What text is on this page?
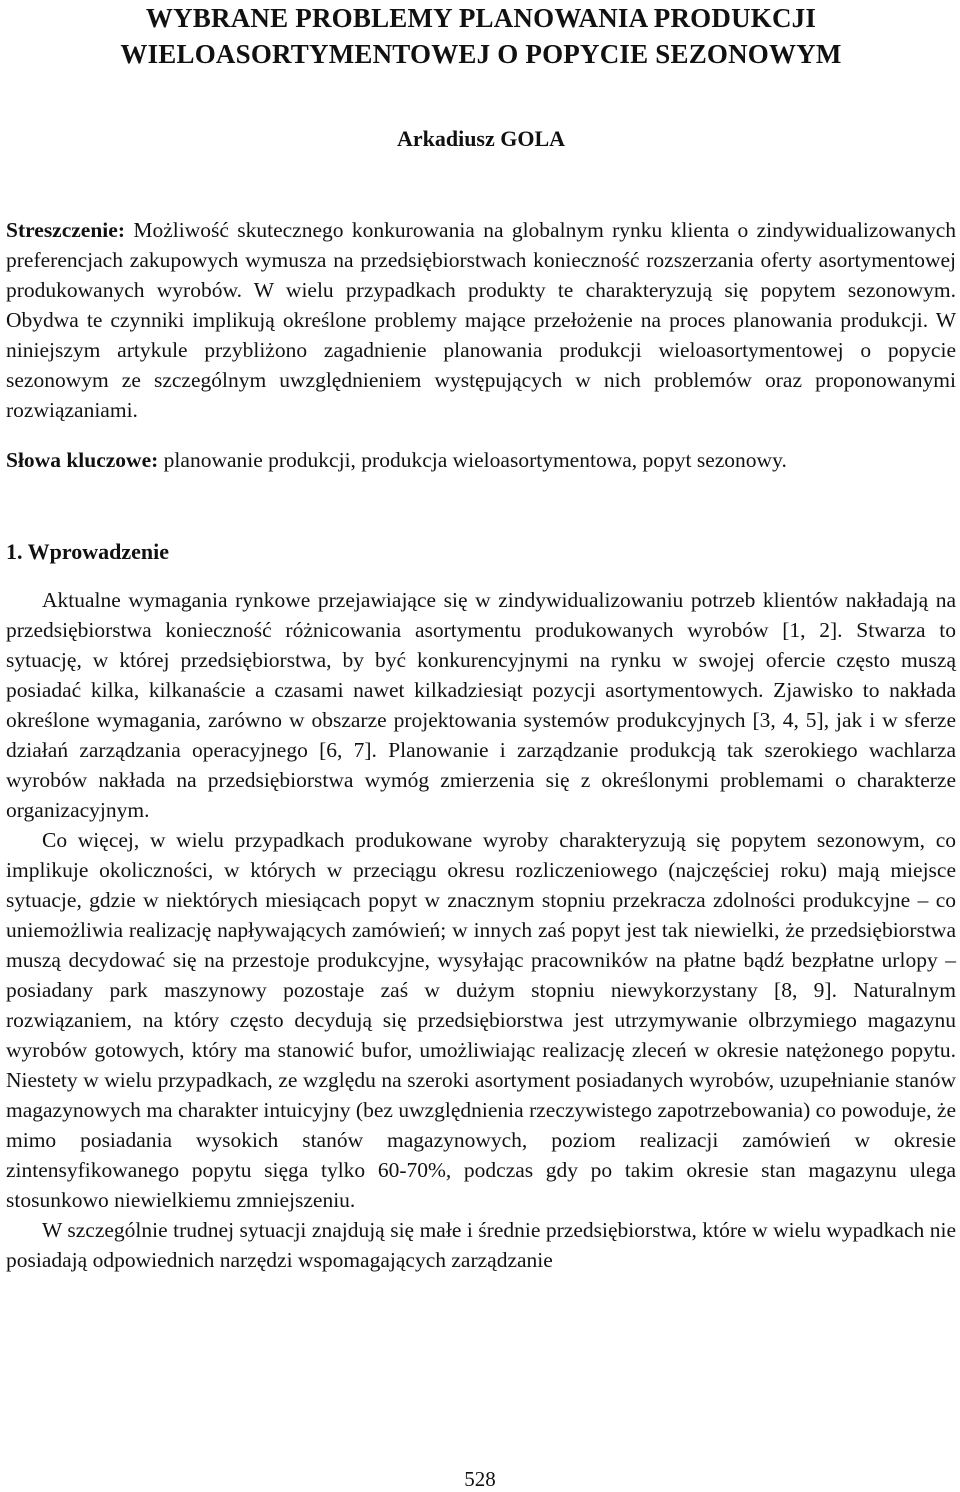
WYBRANE PROBLEMY PLANOWANIA PRODUKCJI
WIELOASORTYMENTOWEJ O POPYCIE SEZONOWYM
Arkadiusz GOLA

Streszczenie: Możliwość skutecznego konkurowania na globalnym rynku klienta o zindywidualizowanych preferencjach zakupowych wymusza na przedsiębiorstwach konieczność rozszerzania oferty asortymentowej produkowanych wyrobów. W wielu przypadkach produkty te charakteryzują się popytem sezonowym. Obydwa te czynniki implikują określone problemy mające przełożenie na proces planowania produkcji. W niniejszym artykule przybliżono zagadnienie planowania produkcji wieloasortymentowej o popycie sezonowym ze szczególnym uwzględnieniem występujących w nich problemów oraz proponowanymi rozwiązaniami.

Słowa kluczowe: planowanie produkcji, produkcja wieloasortymentowa, popyt sezonowy.

1. Wprowadzenie

Aktualne wymagania rynkowe przejawiające się w zindywidualizowaniu potrzeb klientów nakładają na przedsiębiorstwa konieczność różnicowania asortymentu produkowanych wyrobów [1, 2]. Stwarza to sytuację, w której przedsiębiorstwa, by być konkurencyjnymi na rynku w swojej ofercie często muszą posiadać kilka, kilkanaście a czasami nawet kilkadziesiąt pozycji asortymentowych. Zjawisko to nakłada określone wymagania, zarówno w obszarze projektowania systemów produkcyjnych [3, 4, 5], jak i w sferze działań zarządzania operacyjnego [6, 7]. Planowanie i zarządzanie produkcją tak szerokiego wachlarza wyrobów nakłada na przedsiębiorstwa wymóg zmierzenia się z określonymi problemami o charakterze organizacyjnym.

Co więcej, w wielu przypadkach produkowane wyroby charakteryzują się popytem sezonowym, co implikuje okoliczności, w których w przeciągu okresu rozliczeniowego (najczęściej roku) mają miejsce sytuacje, gdzie w niektórych miesiącach popyt w znacznym stopniu przekracza zdolności produkcyjne – co uniemożliwia realizację napływających zamówień; w innych zaś popyt jest tak niewielki, że przedsiębiorstwa muszą decydować się na przestoje produkcyjne, wysyłając pracowników na płatne bądź bezpłatne urlopy – posiadany park maszynowy pozostaje zaś w dużym stopniu niewykorzystany [8, 9]. Naturalnym rozwiązaniem, na który często decydują się przedsiębiorstwa jest utrzymywanie olbrzymiego magazynu wyrobów gotowych, który ma stanowić bufor, umożliwiając realizację zleceń w okresie natężonego popytu. Niestety w wielu przypadkach, ze względu na szeroki asortyment posiadanych wyrobów, uzupełnianie stanów magazynowych ma charakter intuicyjny (bez uwzględnienia rzeczywistego zapotrzebowania) co powoduje, że mimo posiadania wysokich stanów magazynowych, poziom realizacji zamówień w okresie zintensyfikowanego popytu sięga tylko 60-70%, podczas gdy po takim okresie stan magazynu ulega stosunkowo niewielkiemu zmniejszeniu.

W szczególnie trudnej sytuacji znajdują się małe i średnie przedsiębiorstwa, które w wielu wypadkach nie posiadają odpowiednich narzędzi wspomagających zarządzanie

528
